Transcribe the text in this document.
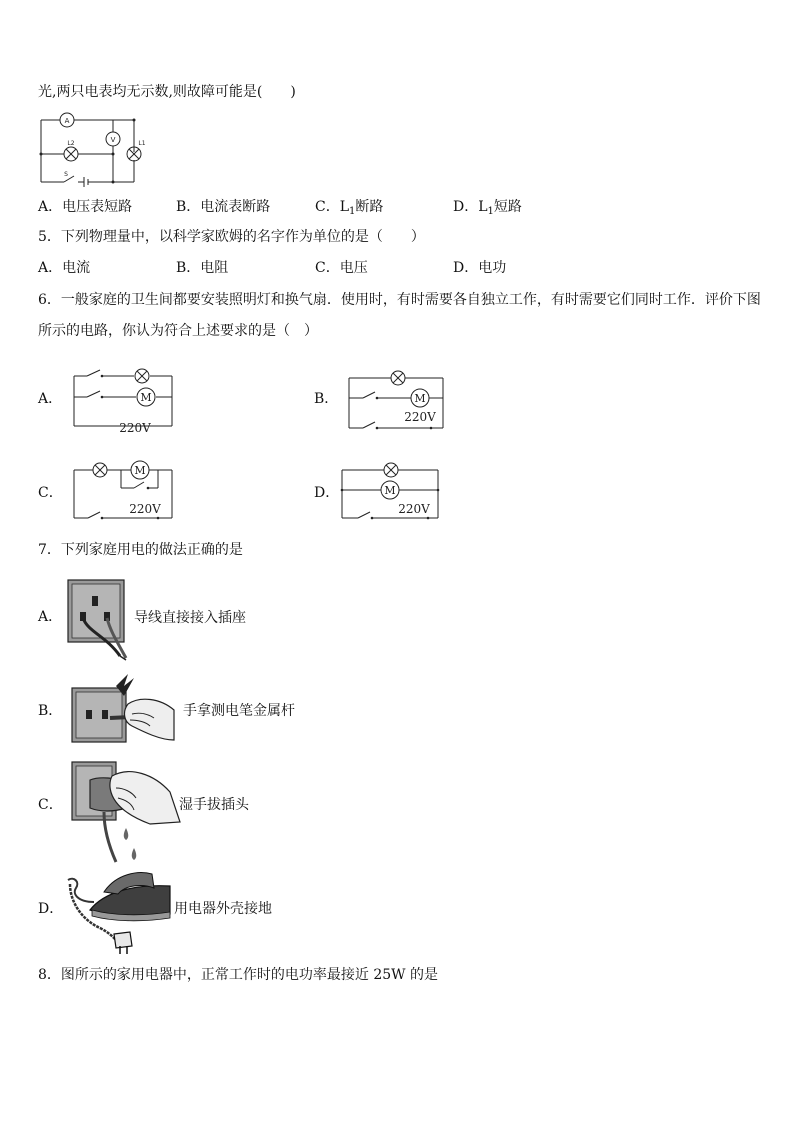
光,两只电表均无示数,则故障可能是(　　)
A
V
L2	L1
S
A．电压表短路	B．电流表断路	C．$L_1$断路	D．$L_1$短路
5．下列物理量中，以科学家欧姆的名字作为单位的是（　　）
A．电流	B．电阻	C．电压	D．电功
6．一般家庭的卫生间都要安装照明灯和换气扇．使用时，有时需要各自独立工作，有时需要它们同时工作．评价下图
所示的电路，你认为符合上述要求的是（　）
A．	M
220V
B．	M
220V
C．
M
220V
D．	M
220V
7．下列家庭用电的做法正确的是
A．	导线直接接入插座
B．	手拿测电笔金属杆
C．	湿手拔插头
D．	用电器外壳接地
8．图所示的家用电器中，正常工作时的电功率最接近 25W 的是
